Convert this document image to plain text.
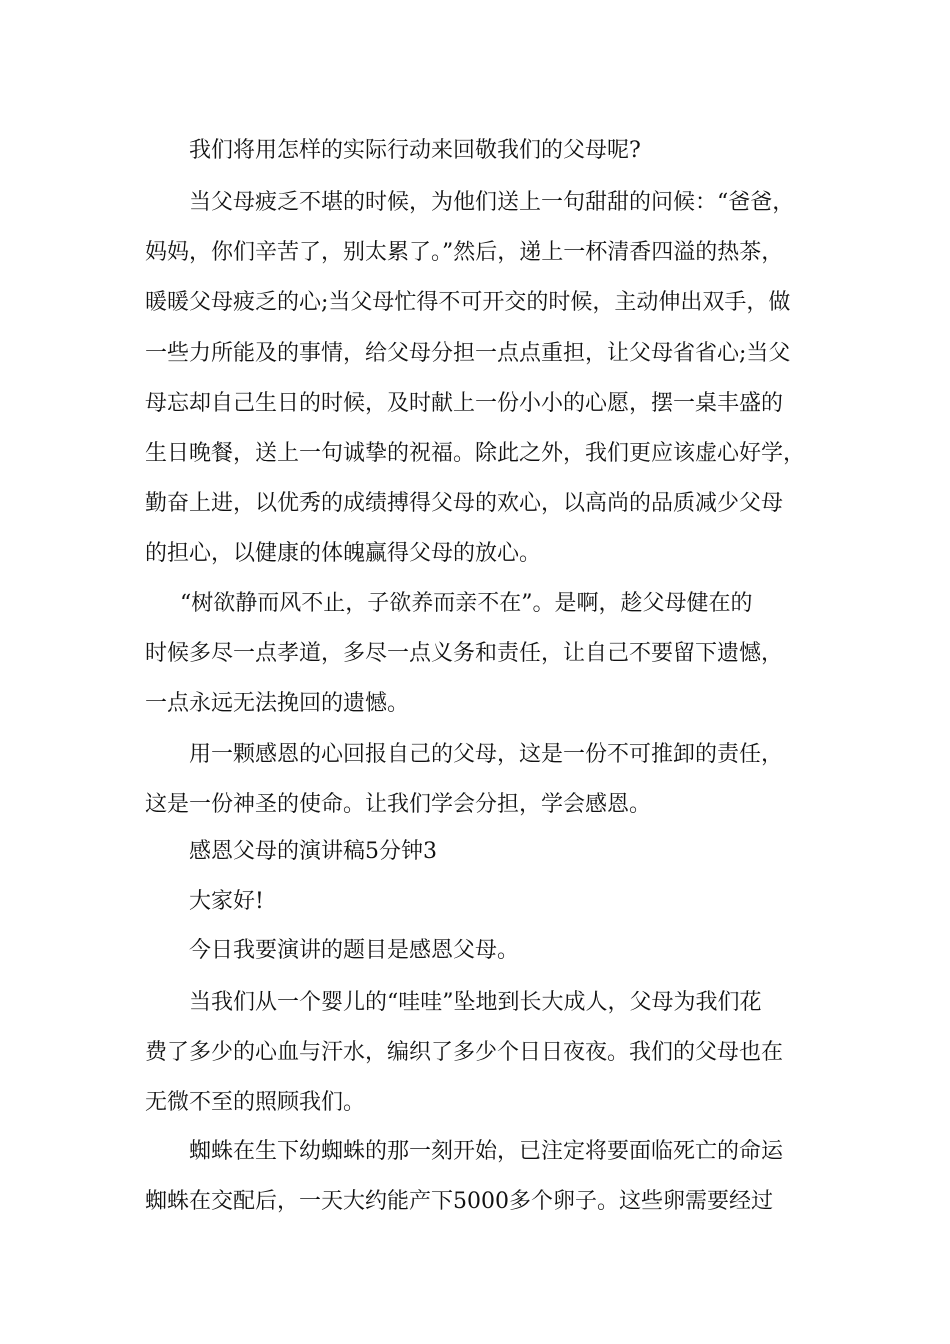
我们将用怎样的实际行动来回敬我们的父母呢?

当父母疲乏不堪的时候，为他们送上一句甜甜的问候：“爸爸，

妈妈，你们辛苦了，别太累了。”然后，递上一杯清香四溢的热茶，

暖暖父母疲乏的心;当父母忙得不可开交的时候，主动伸出双手，做

一些力所能及的事情，给父母分担一点点重担，让父母省省心;当父

母忘却自己生日的时候，及时献上一份小小的心愿，摆一桌丰盛的

生日晚餐，送上一句诚挚的祝福。除此之外，我们更应该虚心好学，

勤奋上进，以优秀的成绩搏得父母的欢心，以高尚的品质减少父母

的担心，以健康的体魄赢得父母的放心。

“树欲静而风不止，子欲养而亲不在”。是啊，趁父母健在的

时候多尽一点孝道，多尽一点义务和责任，让自己不要留下遗憾，

一点永远无法挽回的遗憾。

用一颗感恩的心回报自己的父母，这是一份不可推卸的责任，

这是一份神圣的使命。让我们学会分担，学会感恩。

感恩父母的演讲稿5分钟3

大家好!

今日我要演讲的题目是感恩父母。

当我们从一个婴儿的“哇哇”坠地到长大成人，父母为我们花

费了多少的心血与汗水，编织了多少个日日夜夜。我们的父母也在

无微不至的照顾我们。

蜘蛛在生下幼蜘蛛的那一刻开始，已注定将要面临死亡的命运

蜘蛛在交配后，一天大约能产下5000多个卵子。这些卵需要经过
